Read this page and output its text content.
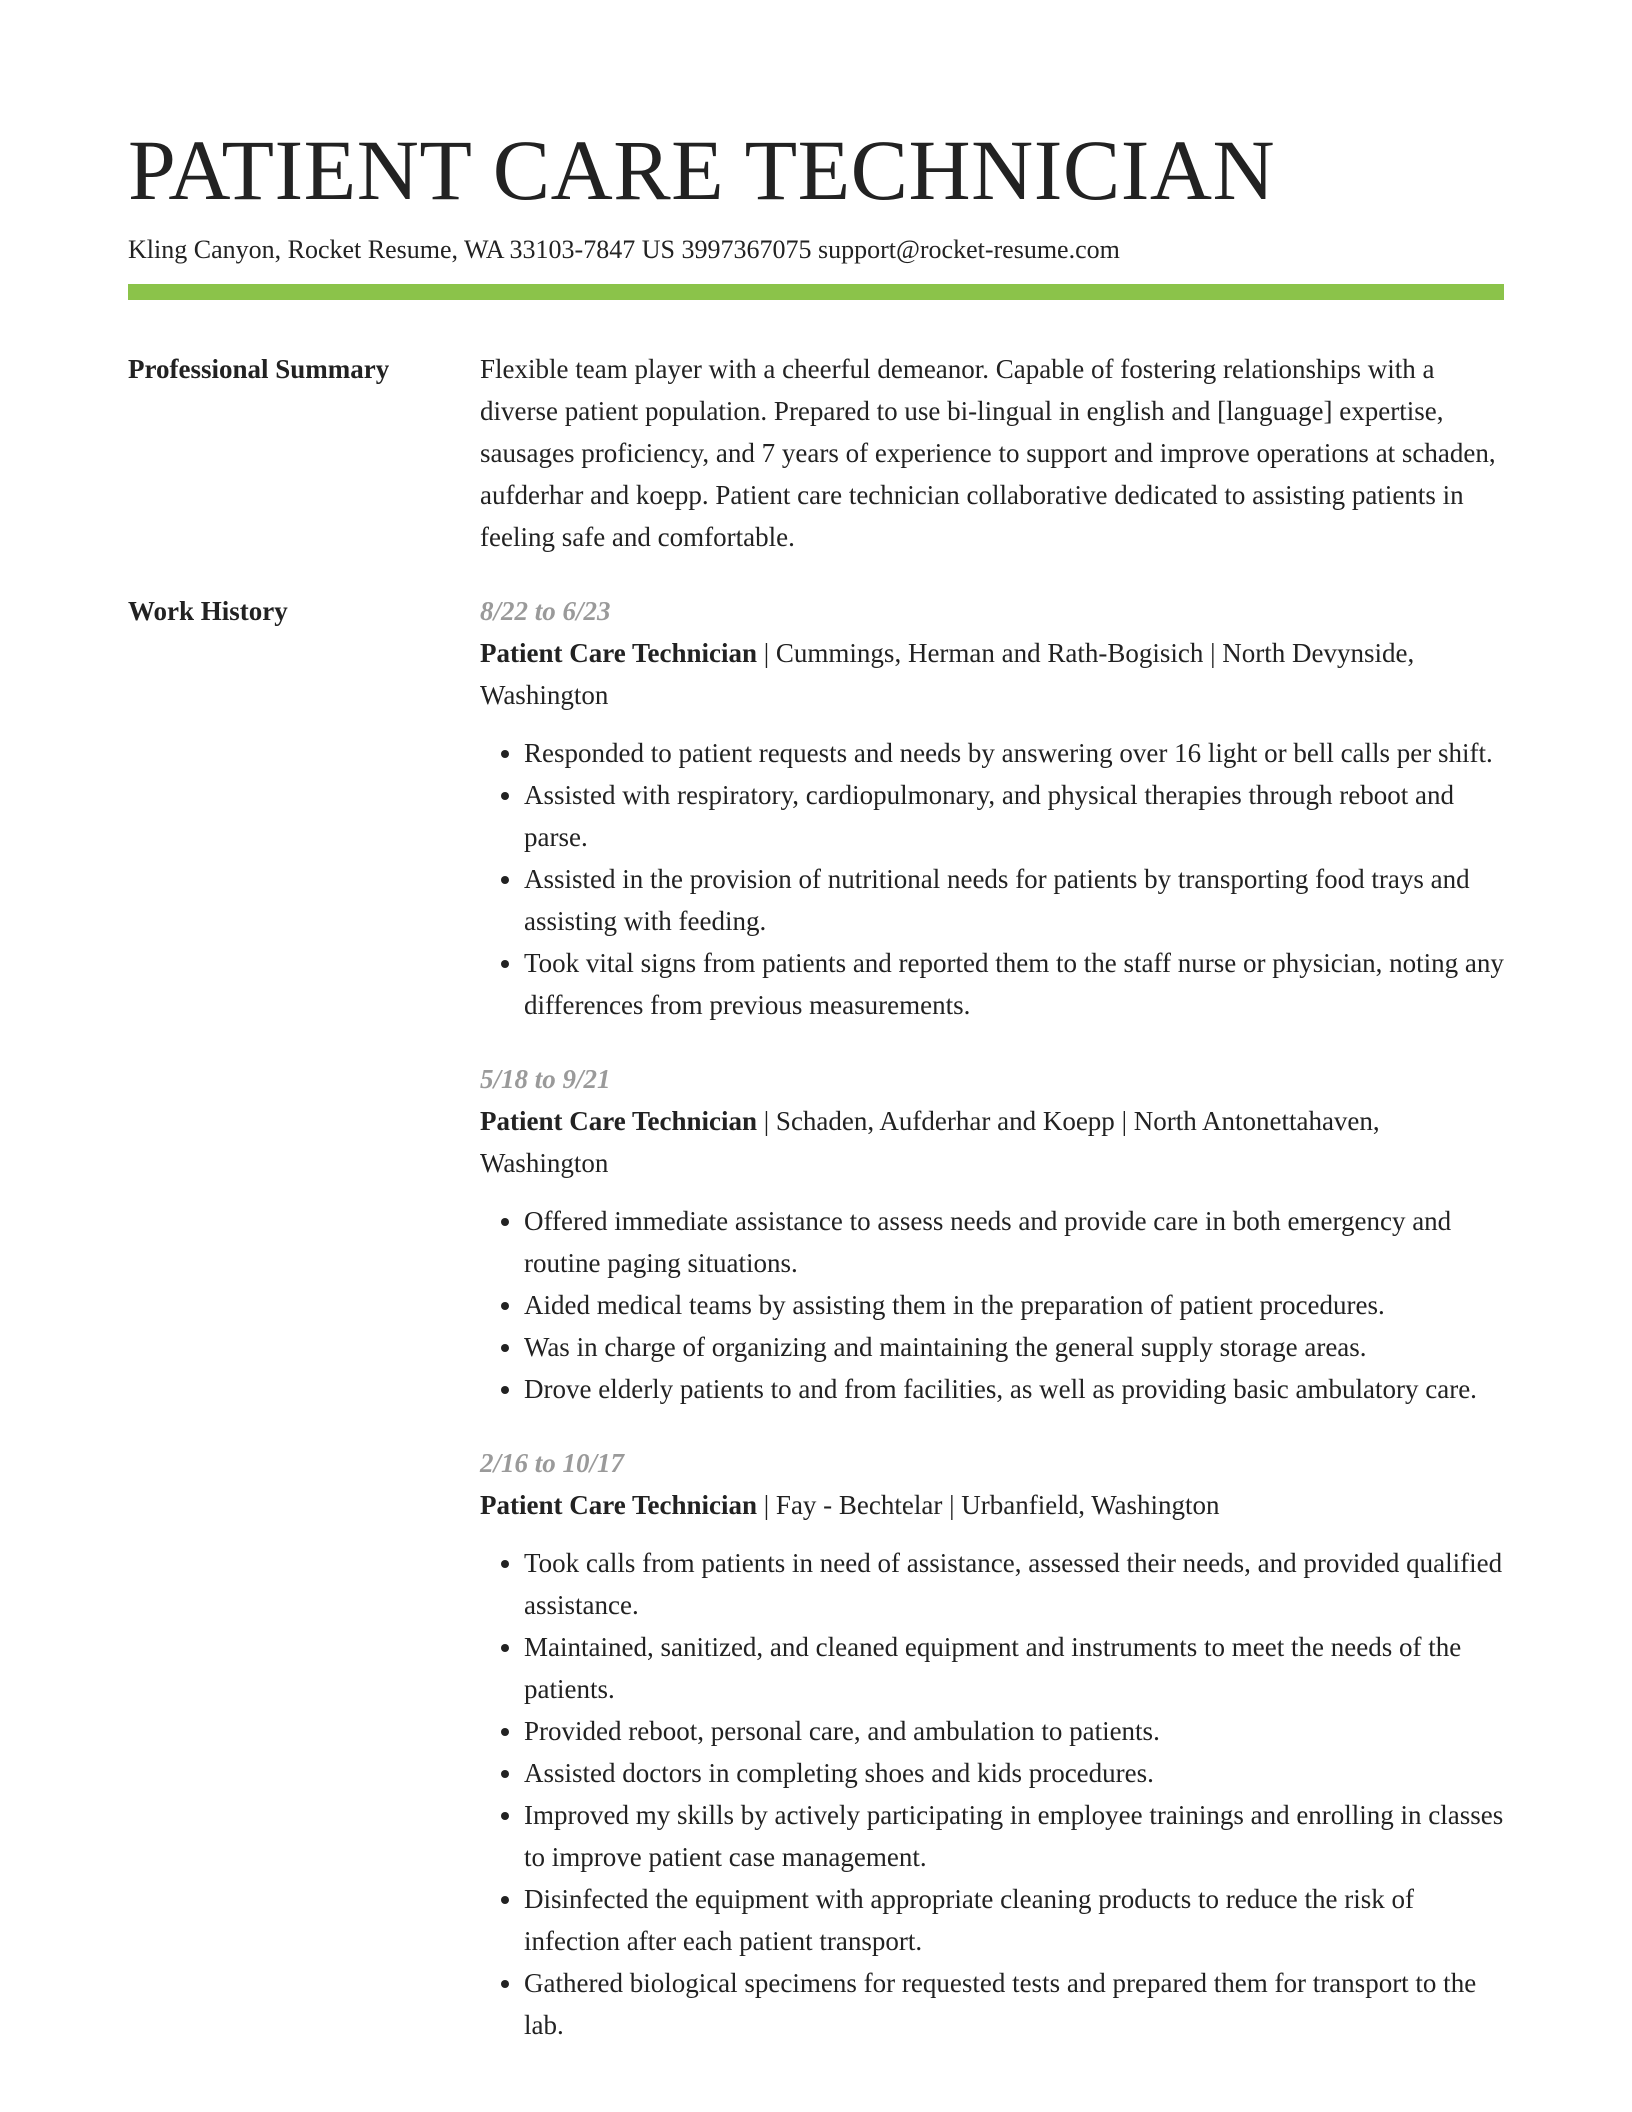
PATIENT CARE TECHNICIAN
Kling Canyon, Rocket Resume, WA 33103-7847 US 3997367075 support@rocket-resume.com
Professional Summary	Flexible team player with a cheerful demeanor. Capable of fostering relationships with a diverse patient population. Prepared to use bi-lingual in english and [language] expertise, sausages proficiency, and 7 years of experience to support and improve operations at schaden, aufderhar and koepp. Patient care technician collaborative dedicated to assisting patients in feeling safe and comfortable.

Work History	8/22 to 6/23
Patient Care Technician | Cummings, Herman and Rath-Bogisich | North Devynside, Washington
• Responded to patient requests and needs by answering over 16 light or bell calls per shift.
• Assisted with respiratory, cardiopulmonary, and physical therapies through reboot and parse.
• Assisted in the provision of nutritional needs for patients by transporting food trays and assisting with feeding.
• Took vital signs from patients and reported them to the staff nurse or physician, noting any differences from previous measurements.
5/18 to 9/21
Patient Care Technician | Schaden, Aufderhar and Koepp | North Antonettahaven, Washington
• Offered immediate assistance to assess needs and provide care in both emergency and routine paging situations.
• Aided medical teams by assisting them in the preparation of patient procedures.
• Was in charge of organizing and maintaining the general supply storage areas.
• Drove elderly patients to and from facilities, as well as providing basic ambulatory care.
2/16 to 10/17
Patient Care Technician | Fay - Bechtelar | Urbanfield, Washington
• Took calls from patients in need of assistance, assessed their needs, and provided qualified assistance.
• Maintained, sanitized, and cleaned equipment and instruments to meet the needs of the patients.
• Provided reboot, personal care, and ambulation to patients.
• Assisted doctors in completing shoes and kids procedures.
• Improved my skills by actively participating in employee trainings and enrolling in classes to improve patient case management.
• Disinfected the equipment with appropriate cleaning products to reduce the risk of infection after each patient transport.
• Gathered biological specimens for requested tests and prepared them for transport to the lab.
